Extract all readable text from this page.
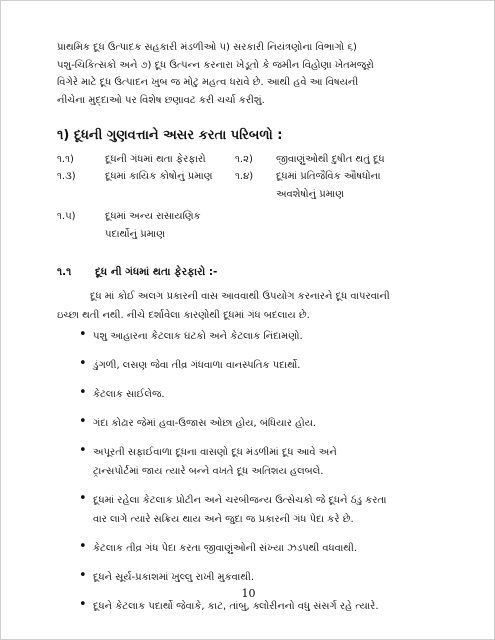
પ્રાથમિક દૂધ ઉત્પાદક સહકારી મંડળીઓ ૫) સરકારી નિયંત્રણોના વિભાગો ૬)
પશુ-ચિકિત્સકો અને ૭) દૂધ ઉત્પન્ન કરનારા ખેડૂતો કે જમીન વિહોણા ખેતમજૂરો
વિગેરે માટે દૂધ ઉત્પાદન ખુબ જ મોટુ મહત્વ ધરાવે છે. આથી હવે આ વિષયની
નીચેના મુદ્દાઓ પર વિશેષ છણાવટ કરી ચર્ચા કરીશું.
૧) દૂધની ગુણવત્તાને અસર કરતા પરિબળો :
૧.૧)	દૂધની ગંધમાં થતા ફેરફારો	૧.૨) જીવાણુંઓથી દુષીત થતું દૂધ
૧.૩)	દૂધમાં કાયિક કોષોનું પ્રમાણ ૧.૪) દૂધમાં પ્રતિજૈવિક ઔષધોના
અવશેષોનું પ્રમાણ
૧.૫)	દૂધમાં અન્ય રાસાયણિક
પદાર્થોનું પ્રમાણ
૧.૧ દૂધ ની ગંધમાં થતા ફેરફારો :-
દૂધ માં કોઈ અલગ પ્રકારની વાસ આવવાથી ઉપયોગ કરનારને દૂધ વાપરવાની
ઇચ્છા થતી નથી. નીચે દર્શાવેલા કારણોથી દૂધમાં ગંધ બદલાય છે.
• પશુ આહારના કેટલાક ઘટકો અને કેટલાક નિંદામણો.
• ડુંગળી, લસણ જેવા તીવ્ર ગંધવાળા વાનસ્પતિક પદાર્થો.
• કેટલાક સાઈલેજ.
• ગંદા કોઢાર જેમાં હવા-ઉજાસ ઓછા હોય, બંધિયાર હોય.
• અપૂરતી સફાઈવાળા દૂધના વાસણો દૂધ મંડળીમાં દૂધ આવે અને
ટ્રાન્સપોર્ટમાં જાય ત્યારે બન્ને વખતે દૂધ અતિશય હલબલે.
• દૂધમાં રહેલા કેટલાક પ્રોટીન અને ચરબીજન્ય ઉત્સેચકો જે દૂધને ઠંડુ કરતા
વાર લાગે ત્યારે સક્રિય થાય અને જુદા જ પ્રકારની ગંધ પેદા કરે છે.
• કેટલાક તીવ્ર ગંધ પેદા કરતા જીવાણુંઓની સંખ્યા ઝડપથી વધવાથી.
• દૂધને સૂર્ય-પ્રકાશમાં ખુલ્લુ રાખી મુકવાથી.
• દૂધને કેટલાક પદાર્થો જેવાકે, કાટ, તાંબુ, ક્લોરીનનો વધુ સંસર્ગ રહે ત્યારે.
10
